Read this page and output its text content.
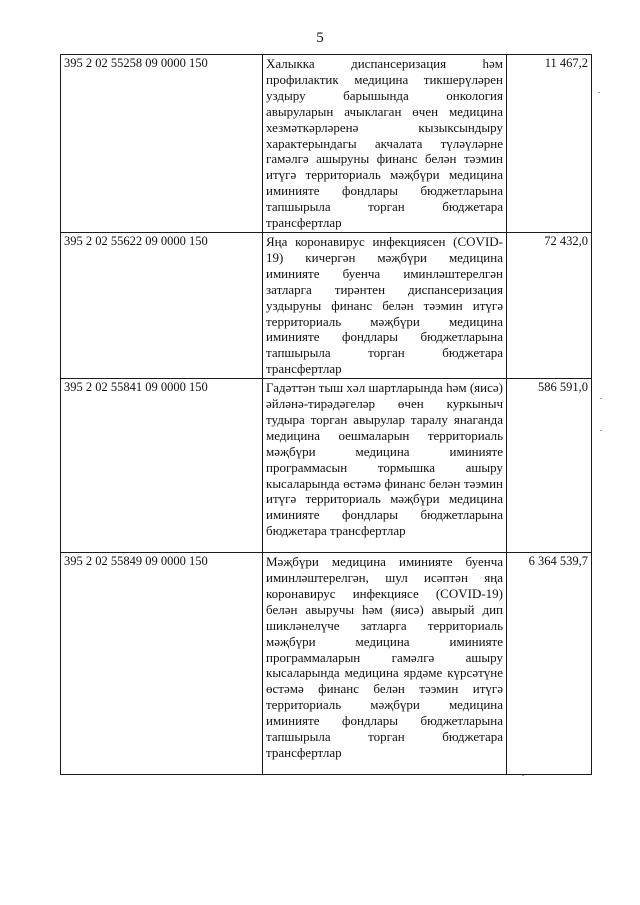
5
395 2 02 55258 09 0000 150	Халыкка диспансеризация һәм профилактик медицина тикшерүләрен уздыру барышында онкология авыруларын ачыклаган өчен медицина хезмәткәрләренә кызыксындыру характерындагы акчалата түләүләрне гамәлгә ашыруны финанс белән тәэмин итүгә территориаль мәҗбүри медицина иминияте фондлары бюджетларына тапшырыла торган бюджетара трансфертлар	11 467,2
395 2 02 55622 09 0000 150	Яңа коронавирус инфекциясен (COVID-19) кичергән мәҗбүри медицина иминияте буенча иминләштерелгән затларга тирәнтен диспансеризация уздыруны финанс белән тәэмин итүгә территориаль мәҗбүри медицина иминияте фондлары бюджетларына тапшырыла торган бюджетара трансфертлар	72 432,0
395 2 02 55841 09 0000 150	Гадәттән тыш хәл шартларында һәм (яисә) әйләнә-тирәдәгеләр өчен куркыныч тудыра торган авырулар таралу янаганда медицина оешмаларын территориаль мәҗбүри медицина иминияте программасын тормышка ашыру кысаларында өстәмә финанс белән тәэмин итүгә территориаль мәҗбүри медицина иминияте фондлары бюджетларына бюджетара трансфертлар	586 591,0
395 2 02 55849 09 0000 150	Мәҗбүри медицина иминияте буенча иминләштерелгән, шул исәптән яңа коронавирус инфекциясе (COVID-19) белән авыручы һәм (яисә) авырый дип шикләнелүче затларга территориаль мәҗбүри медицина иминияте программаларын гамәлгә ашыру кысаларында медицина ярдәме күрсәтүне өстәмә финанс белән тәэмин итүгә территориаль мәҗбүри медицина иминияте фондлары бюджетларына тапшырыла торган бюджетара трансфертлар	6 364 539,7
